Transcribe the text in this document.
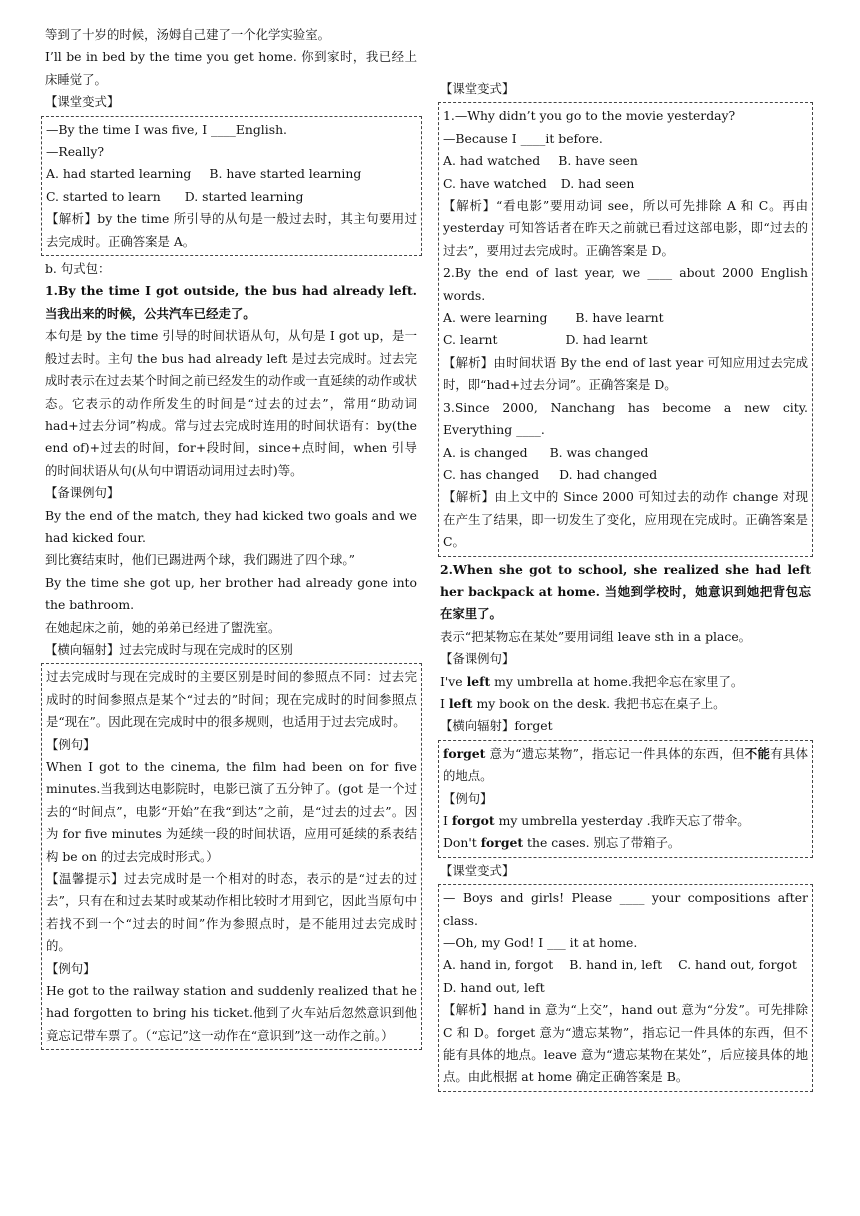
等到了十岁的时候，汤姆自己建了一个化学实验室。

I’ll be in bed by the time you get home. 你到家时，我已经上床睡觉了。

【课堂变式】

—By the time I was five, I ____English.

—Really?

A. had started learning B. have started learning

C. started to learn D. started learning

【解析】by the time 所引导的从句是一般过去时，其主句要用过去完成时。正确答案是 A。

b. 句式包：

1.By the time I got outside, the bus had already left.当我出来的时候，公共汽车已经走了。

本句是 by the time 引导的时间状语从句，从句是 I got up，是一般过去时。主句 the bus had already left 是过去完成时。过去完成时表示在过去某个时间之前已经发生的动作或一直延续的动作或状态。它表示的动作所发生的时间是“过去的过去”，常用“助动词 had+过去分词”构成。常与过去完成时连用的时间状语有：by(the end of)+过去的时间，for+段时间，since+点时间，when 引导的时间状语从句(从句中谓语动词用过去时)等。

【备课例句】

By the end of the match, they had kicked two goals and we had kicked four.

到比赛结束时，他们已踢进两个球，我们踢进了四个球。”

By the time she got up, her brother had already gone into the bathroom.

在她起床之前，她的弟弟已经进了盥洗室。

【横向辐射】过去完成时与现在完成时的区别

过去完成时与现在完成时的主要区别是时间的参照点不同：过去完成时的时间参照点是某个“过去的”时间；现在完成时的时间参照点是“现在”。因此现在完成时中的很多规则，也适用于过去完成时。

【例句】

When I got to the cinema, the film had been on for five minutes.当我到达电影院时，电影已演了五分钟了。(got 是一个过去的“时间点”，电影“开始”在我“到达”之前，是“过去的过去”。因为 for five minutes 为延续一段的时间状语，应用可延续的系表结构 be on 的过去完成时形式。）

【温馨提示】过去完成时是一个相对的时态，表示的是“过去的过去”，只有在和过去某时或某动作相比较时才用到它，因此当原句中若找不到一个“过去的时间”作为参照点时，是不能用过去完成时的。

【例句】

He got to the railway station and suddenly realized that he had forgotten to bring his ticket.他到了火车站后忽然意识到他竟忘记带车票了。（“忘记”这一动作在“意识到”这一动作之前。）

【课堂变式】

1.—Why didn’t you go to the movie yesterday?

—Because I ____it before.

A. had watched B. have seen

C. have watched D. had seen

【解析】“看电影”要用动词 see，所以可先排除 A 和 C。再由 yesterday 可知答话者在昨天之前就已看过这部电影，即“过去的过去”，要用过去完成时。正确答案是 D。

2.By the end of last year, we ____ about 2000 English words.

A. were learning B. have learnt

C. learnt	D. had learnt

【解析】由时间状语 By the end of last year 可知应用过去完成时，即“had+过去分词”。正确答案是 D。

3.Since 2000, Nanchang has become a new city. Everything ____.

A. is changed B. was changed

C. has changed D. had changed

【解析】由上文中的 Since 2000 可知过去的动作 change 对现在产生了结果，即一切发生了变化，应用现在完成时。正确答案是 C。

2.When she got to school, she realized she had left her backpack at home. 当她到学校时，她意识到她把背包忘在家里了。

表示“把某物忘在某处”要用词组 leave sth in a place。

【备课例句】

I've left my umbrella at home.我把伞忘在家里了。

I left my book on the desk. 我把书忘在桌子上。

【横向辐射】forget

forget 意为“遗忘某物”，指忘记一件具体的东西，但不能有具体的地点。

【例句】

I forgot my umbrella yesterday .我昨天忘了带伞。

Don't forget the cases. 别忘了带箱子。

【课堂变式】

— Boys and girls! Please ____ your compositions after class.

—Oh, my God! I ___ it at home.

A. hand in, forgot B. hand in, left C. hand out, forgot

D. hand out, left

【解析】hand in 意为“上交”，hand out 意为“分发”。可先排除 C 和 D。forget 意为“遗忘某物”，指忘记一件具体的东西，但不能有具体的地点。leave 意为“遗忘某物在某处”，后应接具体的地点。由此根据 at home 确定正确答案是 B。
